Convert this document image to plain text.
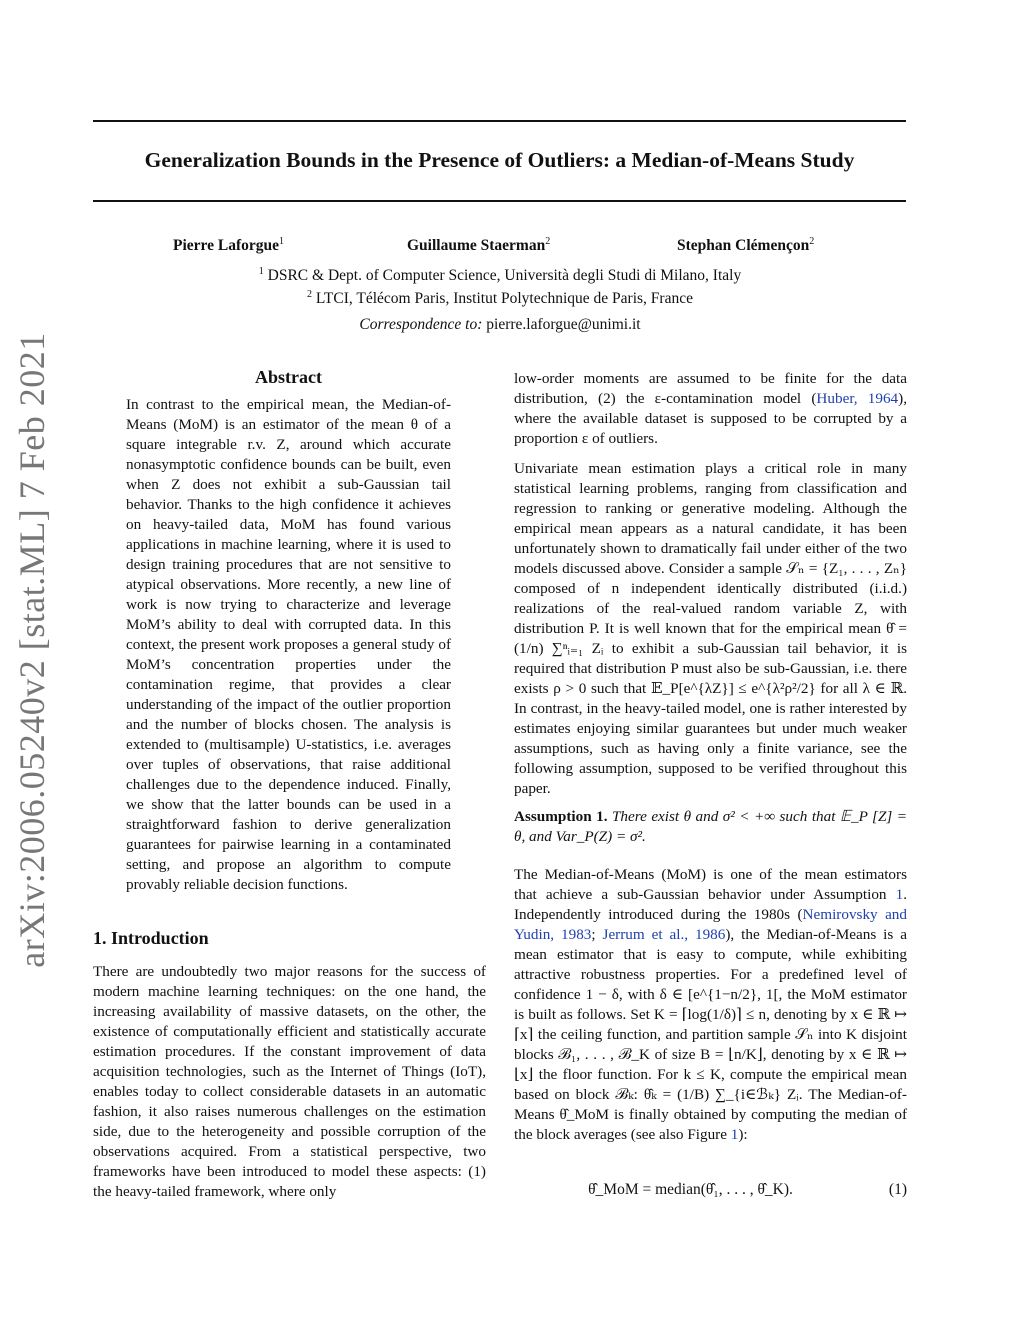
arXiv:2006.05240v2 [stat.ML] 7 Feb 2021
Generalization Bounds in the Presence of Outliers: a Median-of-Means Study
Pierre Laforgue$^1$	Guillaume Staerman$^2$	Stephan Clémençon$^2$
$^1$ DSRC & Dept. of Computer Science, Università degli Studi di Milano, Italy
$^2$ LTCI, Télécom Paris, Institut Polytechnique de Paris, France
Correspondence to: pierre.laforgue@unimi.it
Abstract

In contrast to the empirical mean, the Median-of-Means (MoM) is an estimator of the mean θ of a square integrable r.v. Z, around which accurate nonasymptotic confidence bounds can be built, even when Z does not exhibit a sub-Gaussian tail behavior. Thanks to the high confidence it achieves on heavy-tailed data, MoM has found various applications in machine learning, where it is used to design training procedures that are not sensitive to atypical observations. More recently, a new line of work is now trying to characterize and leverage MoM’s ability to deal with corrupted data. In this context, the present work proposes a general study of MoM’s concentration properties under the contamination regime, that provides a clear understanding of the impact of the outlier proportion and the number of blocks chosen. The analysis is extended to (multisample) U-statistics, i.e. averages over tuples of observations, that raise additional challenges due to the dependence induced. Finally, we show that the latter bounds can be used in a straightforward fashion to derive generalization guarantees for pairwise learning in a contaminated setting, and propose an algorithm to compute provably reliable decision functions.

1. Introduction

There are undoubtedly two major reasons for the success of modern machine learning techniques: on the one hand, the increasing availability of massive datasets, on the other, the existence of computationally efficient and statistically accurate estimation procedures. If the constant improvement of data acquisition technologies, such as the Internet of Things (IoT), enables today to collect considerable datasets in an automatic fashion, it also raises numerous challenges on the estimation side, due to the heterogeneity and possible corruption of the observations acquired. From a statistical perspective, two frameworks have been introduced to model these aspects: (1) the heavy-tailed framework, where only

low-order moments are assumed to be finite for the data distribution, (2) the ε-contamination model (Huber, 1964), where the available dataset is supposed to be corrupted by a proportion ε of outliers.

Univariate mean estimation plays a critical role in many statistical learning problems, ranging from classification and regression to ranking or generative modeling. Although the empirical mean appears as a natural candidate, it has been unfortunately shown to dramatically fail under either of the two models discussed above. Consider a sample 𝒮ₙ = {Z₁, . . . , Zₙ} composed of n independent identically distributed (i.i.d.) realizations of the real-valued random variable Z, with distribution P. It is well known that for the empirical mean θ̂ = (1/n) ∑ⁿᵢ₌₁ Zᵢ to exhibit a sub-Gaussian tail behavior, it is required that distribution P must also be sub-Gaussian, i.e. there exists ρ > 0 such that 𝔼_P[e^{λZ}] ≤ e^{λ²ρ²/2} for all λ ∈ ℝ. In contrast, in the heavy-tailed model, one is rather interested by estimates enjoying similar guarantees but under much weaker assumptions, such as having only a finite variance, see the following assumption, supposed to be verified throughout this paper.

Assumption 1. There exist θ and σ² < +∞ such that 𝔼_P [Z] = θ, and Var_P(Z) = σ².

The Median-of-Means (MoM) is one of the mean estimators that achieve a sub-Gaussian behavior under Assumption 1. Independently introduced during the 1980s (Nemirovsky and Yudin, 1983; Jerrum et al., 1986), the Median-of-Means is a mean estimator that is easy to compute, while exhibiting attractive robustness properties. For a predefined level of confidence 1 − δ, with δ ∈ [e^{1−n/2}, 1[, the MoM estimator is built as follows. Set K = ⌈log(1/δ)⌉ ≤ n, denoting by x ∈ ℝ ↦ ⌈x⌉ the ceiling function, and partition sample 𝒮ₙ into K disjoint blocks ℬ₁, . . . , ℬ_K of size B = ⌊n/K⌋, denoting by x ∈ ℝ ↦ ⌊x⌋ the floor function. For k ≤ K, compute the empirical mean based on block ℬₖ: θ̂ₖ = (1/B) ∑_{i∈ℬₖ} Zᵢ. The Median-of-Means θ̂_MoM is finally obtained by computing the median of the block averages (see also Figure 1):

θ̂_MoM = median(θ̂₁, . . . , θ̂_K).	(1)
